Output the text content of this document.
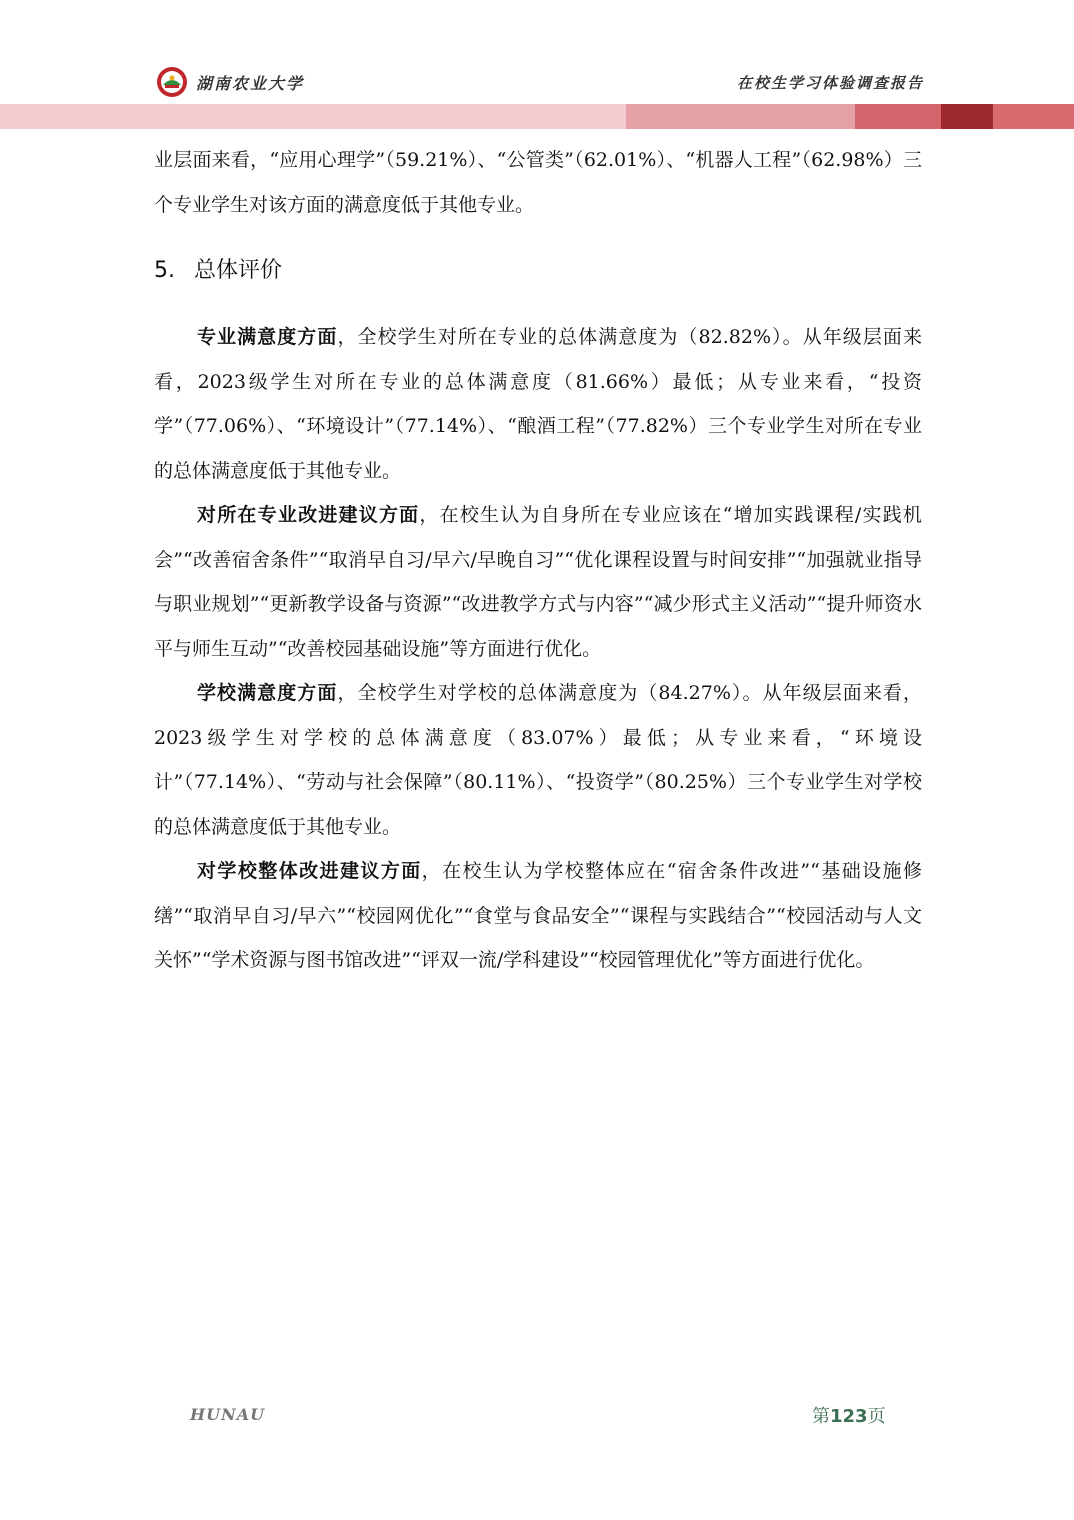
湖南农业大学	在校生学习体验调查报告

业层面来看，“应用心理学”（59.21%）、“公管类”（62.01%）、“机器人工程”（62.98%）三个专业学生对该方面的满意度低于其他专业。

5. 总体评价

专业满意度方面，全校学生对所在专业的总体满意度为（82.82%）。从年级层面来看，2023级学生对所在专业的总体满意度（81.66%）最低；从专业来看，“投资学”（77.06%）、“环境设计”（77.14%）、“酿酒工程”（77.82%）三个专业学生对所在专业的总体满意度低于其他专业。

对所在专业改进建议方面，在校生认为自身所在专业应该在“增加实践课程/实践机会”“改善宿舍条件”“取消早自习/早六/早晚自习”“优化课程设置与时间安排”“加强就业指导与职业规划”“更新教学设备与资源”“改进教学方式与内容”“减少形式主义活动”“提升师资水平与师生互动”“改善校园基础设施”等方面进行优化。

学校满意度方面，全校学生对学校的总体满意度为（84.27%）。从年级层面来看，2023级学生对学校的总体满意度（83.07%）最低；从专业来看，“环境设计”（77.14%）、“劳动与社会保障”（80.11%）、“投资学”（80.25%）三个专业学生对学校的总体满意度低于其他专业。

对学校整体改进建议方面，在校生认为学校整体应在“宿舍条件改进”“基础设施修缮”“取消早自习/早六”“校园网优化”“食堂与食品安全”“课程与实践结合”“校园活动与人文关怀”“学术资源与图书馆改进”“评双一流/学科建设”“校园管理优化”等方面进行优化。

HUNAU	第123页
